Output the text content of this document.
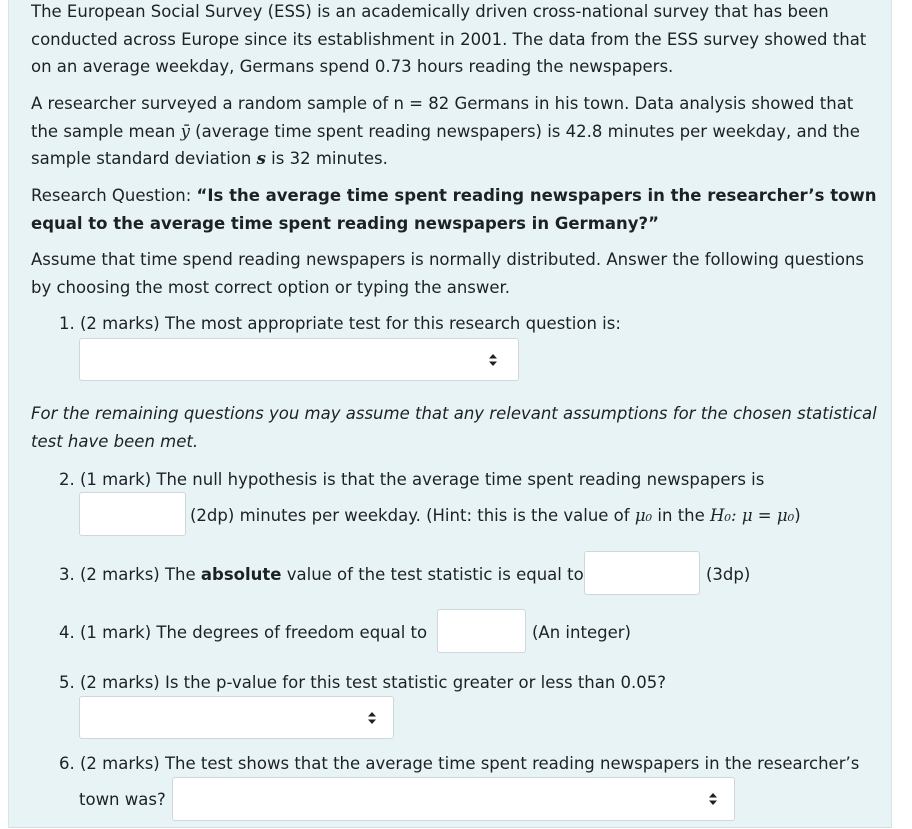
The European Social Survey (ESS) is an academically driven cross-national survey that has been conducted across Europe since its establishment in 2001. The data from the ESS survey showed that on an average weekday, Germans spend 0.73 hours reading the newspapers.

A researcher surveyed a random sample of n = 82 Germans in his town. Data analysis showed that the sample mean ȳ (average time spent reading newspapers) is 42.8 minutes per weekday, and the sample standard deviation s is 32 minutes.

Research Question: “Is the average time spent reading newspapers in the researcher’s town equal to the average time spent reading newspapers in Germany?”

Assume that time spend reading newspapers is normally distributed. Answer the following questions by choosing the most correct option or typing the answer.

1. (2 marks) The most appropriate test for this research question is:

For the remaining questions you may assume that any relevant assumptions for the chosen statistical test have been met.

2. (1 mark) The null hypothesis is that the average time spent reading newspapers is
(2dp) minutes per weekday. (Hint: this is the value of μ₀ in the H₀: μ = μ₀)
3. (2 marks) The absolute value of the test statistic is equal to	(3dp)
4. (1 mark) The degrees of freedom equal to	(An integer)
5. (2 marks) Is the p-value for this test statistic greater or less than 0.05?
6. (2 marks) The test shows that the average time spent reading newspapers in the researcher’s
town was?
